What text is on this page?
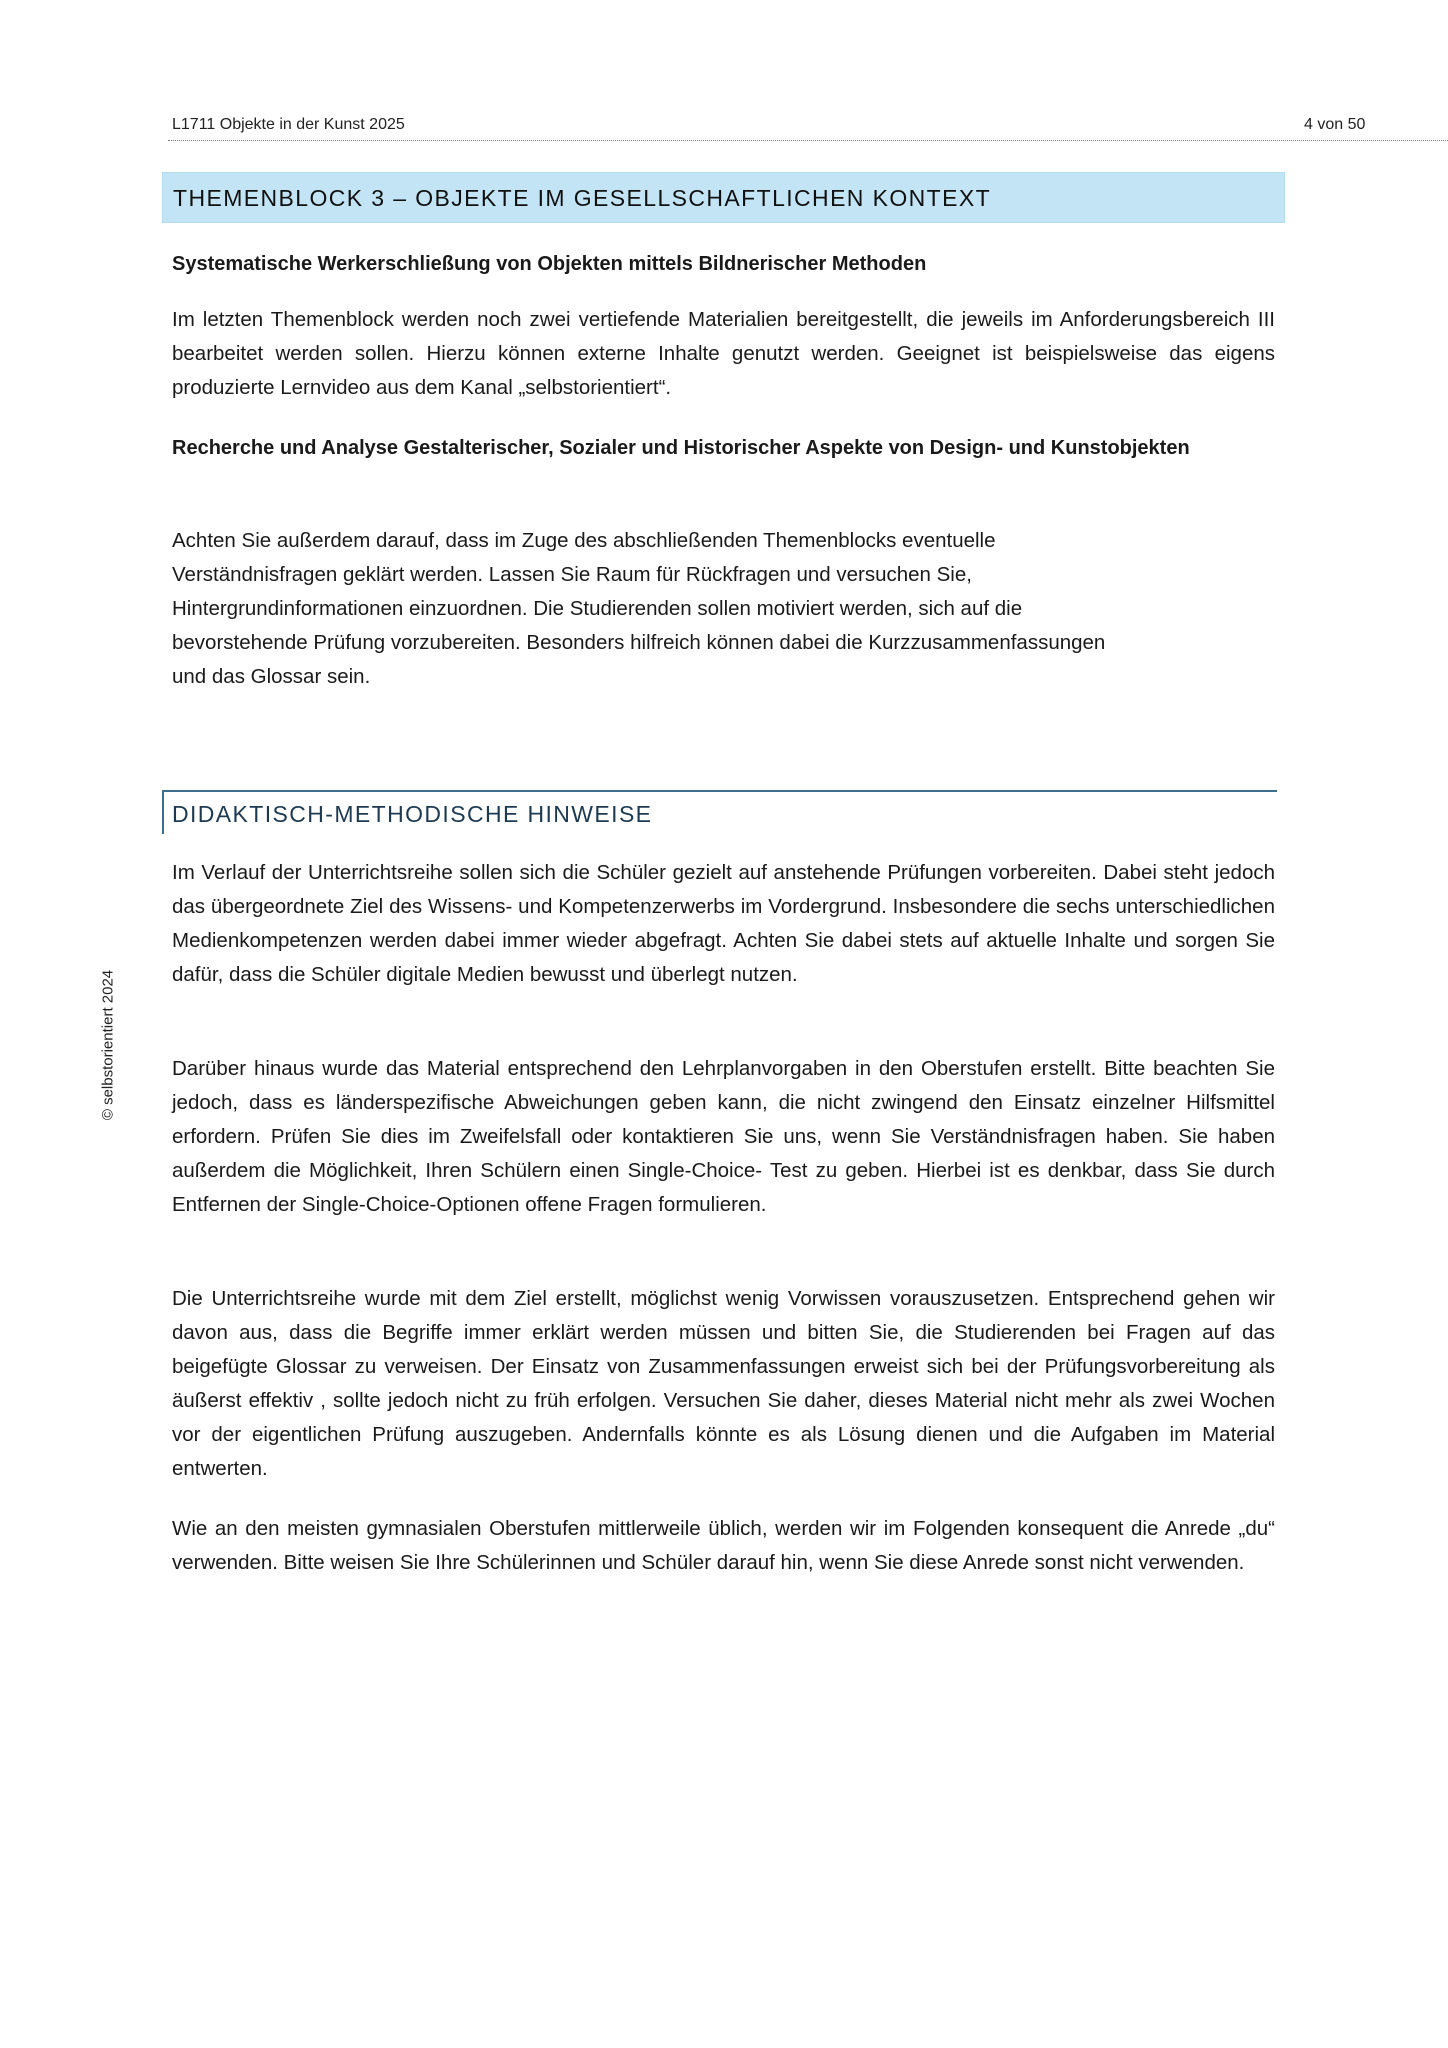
L1711 Objekte in der Kunst 2025	4 von 50
© selbstorientiert 2024
THEMENBLOCK 3 – OBJEKTE IM GESELLSCHAFTLICHEN KONTEXT
Systematische Werkerschließung von Objekten mittels Bildnerischer Methoden
Im letzten Themenblock werden noch zwei vertiefende Materialien bereitgestellt, die jeweils im Anforderungsbereich III bearbeitet werden sollen. Hierzu können externe Inhalte genutzt werden. Geeignet ist beispielsweise das eigens produzierte Lernvideo aus dem Kanal „selbstorientiert“.
Recherche und Analyse Gestalterischer, Sozialer und Historischer Aspekte von Design- und Kunstobjekten
Achten Sie außerdem darauf, dass im Zuge des abschließenden Themenblocks eventuelle
Verständnisfragen geklärt werden. Lassen Sie Raum für Rückfragen und versuchen Sie,
Hintergrundinformationen einzuordnen. Die Studierenden sollen motiviert werden, sich auf die
bevorstehende Prüfung vorzubereiten. Besonders hilfreich können dabei die Kurzzusammenfassungen
und das Glossar sein.
DIDAKTISCH-METHODISCHE HINWEISE
Im Verlauf der Unterrichtsreihe sollen sich die Schüler gezielt auf anstehende Prüfungen vorbereiten. Dabei steht jedoch das übergeordnete Ziel des Wissens- und Kompetenzerwerbs im Vordergrund. Insbesondere die sechs unterschiedlichen Medienkompetenzen werden dabei immer wieder abgefragt. Achten Sie dabei stets auf aktuelle Inhalte und sorgen Sie dafür, dass die Schüler digitale Medien bewusst und überlegt nutzen.
Darüber hinaus wurde das Material entsprechend den Lehrplanvorgaben in den Oberstufen erstellt. Bitte beachten Sie jedoch, dass es länderspezifische Abweichungen geben kann, die nicht zwingend den Einsatz einzelner Hilfsmittel erfordern. Prüfen Sie dies im Zweifelsfall oder kontaktieren Sie uns, wenn Sie Verständnisfragen haben. Sie haben außerdem die Möglichkeit, Ihren Schülern einen Single-Choice- Test zu geben. Hierbei ist es denkbar, dass Sie durch Entfernen der Single-Choice-Optionen offene Fragen formulieren.
Die Unterrichtsreihe wurde mit dem Ziel erstellt, möglichst wenig Vorwissen vorauszusetzen. Entsprechend gehen wir davon aus, dass die Begriffe immer erklärt werden müssen und bitten Sie, die Studierenden bei Fragen auf das beigefügte Glossar zu verweisen. Der Einsatz von Zusammenfassungen erweist sich bei der Prüfungsvorbereitung als äußerst effektiv , sollte jedoch nicht zu früh erfolgen. Versuchen Sie daher, dieses Material nicht mehr als zwei Wochen vor der eigentlichen Prüfung auszugeben. Andernfalls könnte es als Lösung dienen und die Aufgaben im Material entwerten.
Wie an den meisten gymnasialen Oberstufen mittlerweile üblich, werden wir im Folgenden konsequent die Anrede „du“ verwenden. Bitte weisen Sie Ihre Schülerinnen und Schüler darauf hin, wenn Sie diese Anrede sonst nicht verwenden.
